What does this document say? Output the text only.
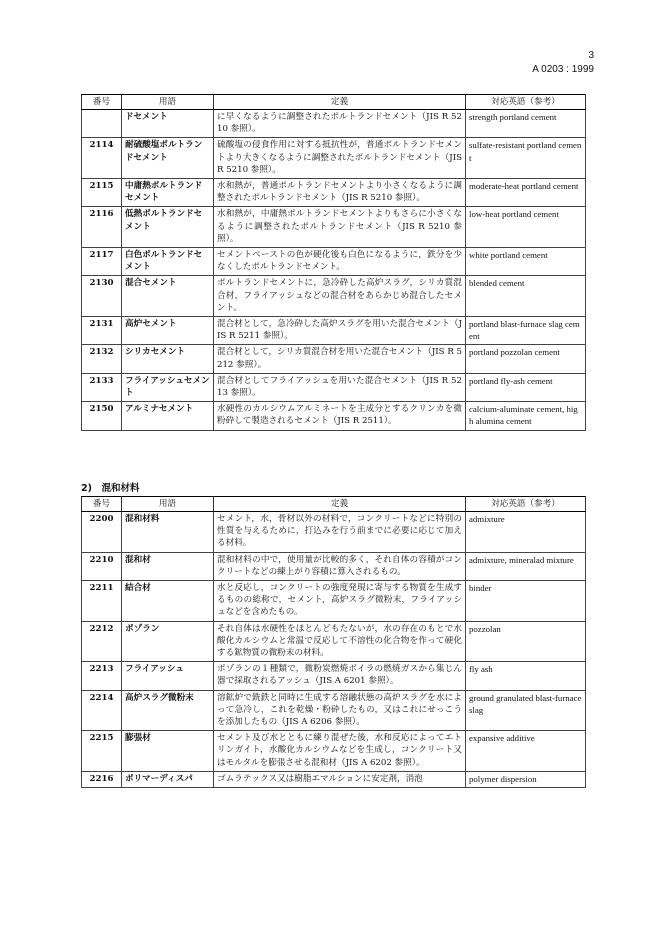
3
A 0203 : 1999
番号	用語	定義	対応英語（参考）
	ドセメント	に早くなるように調整されたポルトランドセメント（JIS R 5210 参照）。	strength portland cement
2114	耐硫酸塩ポルトランドセメント	硫酸塩の侵食作用に対する抵抗性が，普通ポルトランドセメントより大きくなるように調整されたポルトランドセメント（JIS R 5210 参照）。	sulfate-resistant portland cement
2115	中庸熱ポルトランドセメント	水和熱が，普通ポルトランドセメントより小さくなるように調整されたポルトランドセメント（JIS R 5210 参照）。	moderate-heat portland cement
2116	低熱ポルトランドセメント	水和熱が，中庸熱ポルトランドセメントよりもさらに小さくなるように調整されたポルトランドセメント（JIS R 5210 参照）。	low-heat portland cement
2117	白色ポルトランドセメント	セメントペーストの色が硬化後も白色になるように，鉄分を少なくしたポルトランドセメント。	white portland cement
2130	混合セメント	ポルトランドセメントに，急冷砕した高炉スラグ，シリカ質混合材，フライアッシュなどの混合材をあらかじめ混合したセメント。	blended cement
2131	高炉セメント	混合材として，急冷砕した高炉スラグを用いた混合セメント（JIS R 5211 参照）。	portland blast-furnace slag cement
2132	シリカセメント	混合材として，シリカ質混合材を用いた混合セメント（JIS R 5212 参照）。	portland pozzolan cement
2133	フライアッシュセメント	混合材としてフライアッシュを用いた混合セメント（JIS R 5213 参照）。	portland fly-ash cement
2150	アルミナセメント	水硬性のカルシウムアルミネートを主成分とするクリンカを微粉砕して製造されるセメント（JIS R 2511）。	calcium-aluminate cement, high alumina cement
2)　混和材料
番号	用語	定義	対応英語（参考）
2200	混和材料	セメント，水，骨材以外の材料で，コンクリートなどに特別の性質を与えるために，打込みを行う前までに必要に応じて加える材料。	admixture
2210	混和材	混和材料の中で，使用量が比較的多く，それ自体の容積がコンクリートなどの練上がり容積に算入されるもの。	admixture, mineralad mixture
2211	結合材	水と反応し，コンクリートの強度発現に寄与する物質を生成するものの総称で，セメント，高炉スラグ微粉末，フライアッシュなどを含めたもの。	binder
2212	ポゾラン	それ自体は水硬性をほとんどもたないが，水の存在のもとで水酸化カルシウムと常温で反応して不溶性の化合物を作って硬化する鉱物質の微粉末の材料。	pozzolan
2213	フライアッシュ	ポゾランの１種類で，微粉炭燃焼ボイラの燃焼ガスから集じん器で採取されるアッシュ（JIS A 6201 参照）。	fly ash
2214	高炉スラグ微粉末	溶鉱炉で銑鉄と同時に生成する溶融状態の高炉スラグを水によって急冷し，これを乾燥・粉砕したもの，又はこれにせっこうを添加したもの（JIS A 6206 参照）。	ground granulated blast-furnace slag
2215	膨張材	セメント及び水とともに練り混ぜた後，水和反応によってエトリンガイト，水酸化カルシウムなどを生成し，コンクリート又はモルタルを膨張させる混和材（JIS A 6202 参照）。	expansive additive
2216	ポリマーディスパ	ゴムラテックス又は樹脂エマルションに安定剤，消泡	polymer dispersion
